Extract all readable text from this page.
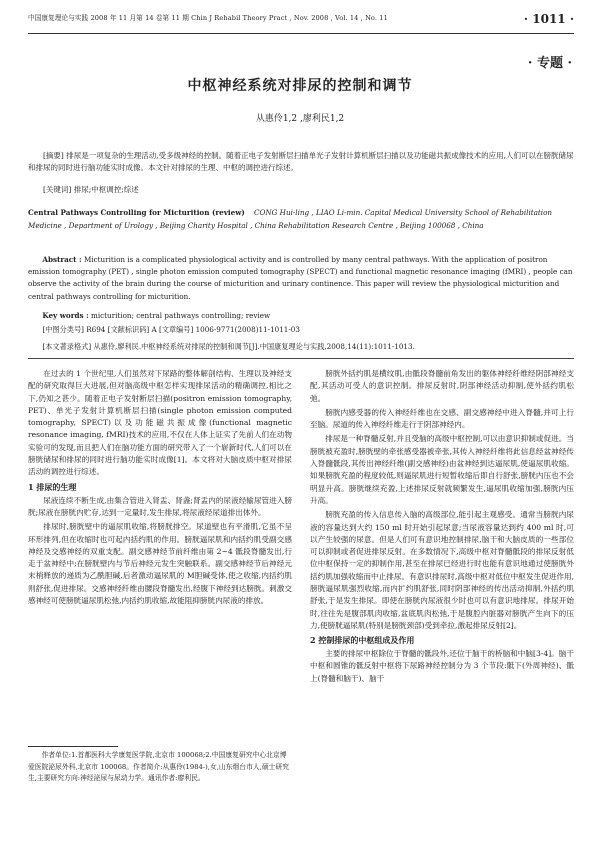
中国康复理论与实践 2008 年 11 月第 14 卷第 11 期 Chin J Rehabil Theory Pract , Nov. 2008 , Vol. 14 , No. 11	· 1011 ·
· 专题 ·
中枢神经系统对排尿的控制和调节
从惠伶1,2 ,廖利民1,2
[摘要] 排尿是一项复杂的生理活动,受多级神经的控制。随着正电子发射断层扫描单光子发射计算机断层扫描以及功能磁共振成像技术的应用,人们可以在膀胱储尿和排尿的同时进行脑功能实时成像。本文针对排尿的生理、中枢的调控进行综述。
[关键词] 排尿;中枢调控;综述
Central Pathways Controlling for Micturition (review) CONG Hui-ling , LIAO Li-min. Capital Medical University School of Rehabilitation Medicine , Department of Urology , Beijing Charity Hospital , China Rehabilitation Research Centre , Beijing 100068 , China
Abstract : Micturition is a complicated physiological activity and is controlled by many central pathways. With the application of positron emission tomography (PET) , single photon emission computed tomography (SPECT) and functional magnetic resonance imaging (fMRI) , people can observe the activity of the brain during the course of micturition and urinary continence. This paper will review the physiological micturition and central pathways controlling for micturition.
Key words : micturition; central pathways controlling; review
[中图分类号] R694 [文献标识码] A [文章编号] 1006-9771(2008)11-1011-03
[本文著录格式] 从惠伶,廖利民.中枢神经系统对排尿的控制和调节[J].中国康复理论与实践,2008,14(11):1011-1013.

在过去的 1 个世纪里,人们虽然对下尿路的整体解剖结构、生理以及神经支配的研究取得巨大进展,但对脑高级中枢怎样实现排尿活动的精确调控,相比之下,仍知之甚少。随着正电子发射断层扫描(positron emission tomography, PET)、单光子发射计算机断层扫描(single photon emission computed tomography, SPECT)以及功能磁共振成像(functional magnetic resonance imaging, fMRI)技术的应用,不仅在人体上证实了先前人们在动物实验可的发现,而且把人们在脑功能方面的研究带入了一个崭新时代,人们可以在膀胱储尿和排尿的同时进行脑功能实时成像[1]。本文将对大脑皮质中枢对排尿活动的调控进行综述。

1 排尿的生理

尿液连续不断生成,由集合管进入肾盂、肾盏;肾盂内的尿液经输尿管进入膀胱;尿液在膀胱内贮存,达到一定量时,发生排尿,将尿液经尿道排出体外。

排尿时,膀胱壁中的逼尿肌收缩,将膀胱排空。尿道壁也有平滑肌,它虽不呈环形排列,但在收缩时也可起内括约肌的作用。膀胱逼尿肌和内括约肌受副交感神经及交感神经的双重支配。副交感神经节前纤维由第 2~4 骶段脊髓发出,行走于盆神经中;在膀胱壁内与节后神经元发生突触联系。副交感神经节后神经元末梢释放的递质为乙酰胆碱,后者激动逼尿肌的 M胆碱受体,使之收缩,内括约肌则舒张,促进排尿。交感神经纤维由腰段脊髓发出,经腹下神经到达膀胱。刺激交感神经可使膀胱逼尿肌松弛,内括约肌收缩,故能阻抑膀胱内尿液的排放。

作者单位:1.首都医科大学康复医学院,北京市 100068;2.中国康复研究中心北京博爱医院泌尿外科,北京市 100068。作者简介:从惠伶(1984-),女,山东烟台市人,硕士研究生,主要研究方向:神经泌尿与尿动力学。通讯作者:廖利民。

膀胱外括约肌是横纹肌,由骶段脊髓前角发出的躯体神经纤维经阴部神经支配,其活动可受人的意识控制。排尿反射时,阴部神经活动抑制,使外括约肌松弛。

膀胱内感受器的传入神经纤维也在交感、副交感神经中进入脊髓,并可上行至脑。尿道的传入神经纤维走行于阴部神经内。

排尿是一种脊髓反射,并且受脑的高级中枢控制,可以由意识抑制或促进。当膀胱被充盈时,膀胱壁的牵张感受器被牵张,其传入神经纤维将此信息经盆神经传入脊髓骶段,其传出神经纤维(副交感神经)由盆神经到达逼尿肌,使逼尿肌收缩。如果膀胱充盈的程度较低,则逼尿肌进行短暂收缩后即自行舒张,膀胱内压也不会明显升高。膀胱继续充盈,上述排尿反射就频繁发生,逼尿肌收缩加强,膀胱内压升高。

膀胱充盈的传入信息传入脑的高级部位,能引起主观感受。通常当膀胱内尿液的容量达到大约 150 ml 时开始引起尿意;当尿液容量达到约 400 ml 时,可以产生较强的尿意。但是人们可有意识地控制排尿,脑干和大脑皮质的一些部位可以抑制或者促进排尿反射。在多数情况下,高级中枢对脊髓骶段的排尿反射低位中枢保持一定的抑制作用,甚至在排尿已经进行时也能有意识地通过使膀胱外括约肌加强收缩而中止排尿。有意识排尿时,高级中枢对低位中枢发生促进作用,膀胱逼尿肌强烈收缩,而内扩约肌舒张,同时阴部神经的传出活动抑制,外括约肌舒张,于是发生排尿。即使在膀胱内尿液很少时也可以有意识地排尿。排尿开始时,往往先是腹部肌肉收缩,盆底肌肉松弛,于是腹腔内脏器对膀胱产生向下的压力,使膀胱逼尿肌(特别是膀胱颈部)受到牵拉,激起排尿反射[2]。

2 控制排尿的中枢组成及作用

主要的排尿中枢除位于脊髓的骶段外,还位于脑干的桥脑和中脑[3-4]。脑干中枢和圆锥的骶反射中枢将下尿路神经控制分为 3 个节段:骶下(外周神经)、骶上(脊髓和脑干)、脑干
